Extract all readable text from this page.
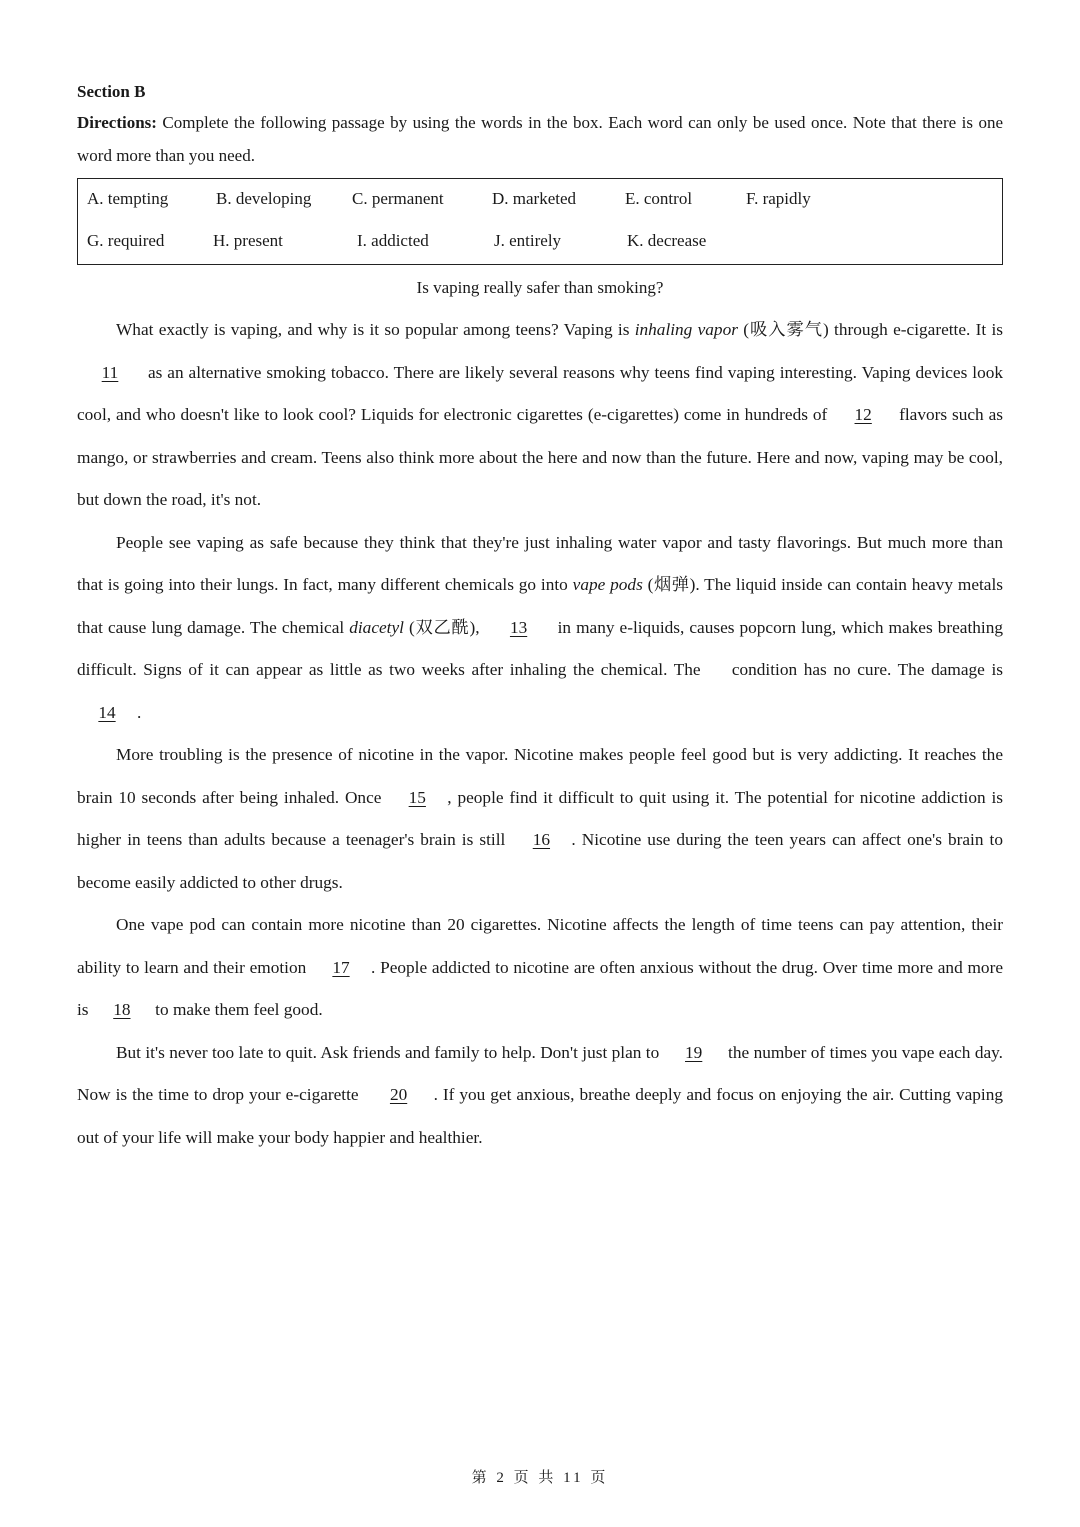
Section B

Directions: Complete the following passage by using the words in the box. Each word can only be used once. Note that there is one word more than you need.

A. tempting	B. developing C. permanent	D. marketed	E. control	F. rapidly
G. required	H. present	I. addicted	J. entirely	K. decrease
Is vaping really safer than smoking?

What exactly is vaping, and why is it so popular among teens? Vaping is inhaling vapor (吸入雾气) through e-cigarette. It is 11 as an alternative smoking tobacco. There are likely several reasons why teens find vaping interesting. Vaping devices look cool, and who doesn't like to look cool? Liquids for electronic cigarettes (e-cigarettes) come in hundreds of 12 flavors such as mango, or strawberries and cream. Teens also think more about the here and now than the future. Here and now, vaping may be cool, but down the road, it's not.

People see vaping as safe because they think that they're just inhaling water vapor and tasty flavorings. But much more than that is going into their lungs. In fact, many different chemicals go into vape pods (烟弹). The liquid inside can contain heavy metals that cause lung damage. The chemical diacetyl (双乙酰), 13 in many e-liquids, causes popcorn lung, which makes breathing difficult. Signs of it can appear as little as two weeks after inhaling the chemical. The  condition has no cure. The damage is 14 .

More troubling is the presence of nicotine in the vapor. Nicotine makes people feel good but is very addicting. It reaches the brain 10 seconds after being inhaled. Once 15 , people find it difficult to quit using it. The potential for nicotine addiction is higher in teens than adults because a teenager's brain is still 16 . Nicotine use during the teen years can affect one's brain to become easily addicted to other drugs.

One vape pod can contain more nicotine than 20 cigarettes. Nicotine affects the length of time teens can pay attention, their ability to learn and their emotion 17 . People addicted to nicotine are often anxious without the drug. Over time more and more is 18 to make them feel good.

But it's never too late to quit. Ask friends and family to help. Don't just plan to 19 the number of times you vape each day. Now is the time to drop your e-cigarette 20 . If you get anxious, breathe deeply and focus on enjoying the air. Cutting vaping out of your life will make your body happier and healthier.

第 2 页 共 11 页
